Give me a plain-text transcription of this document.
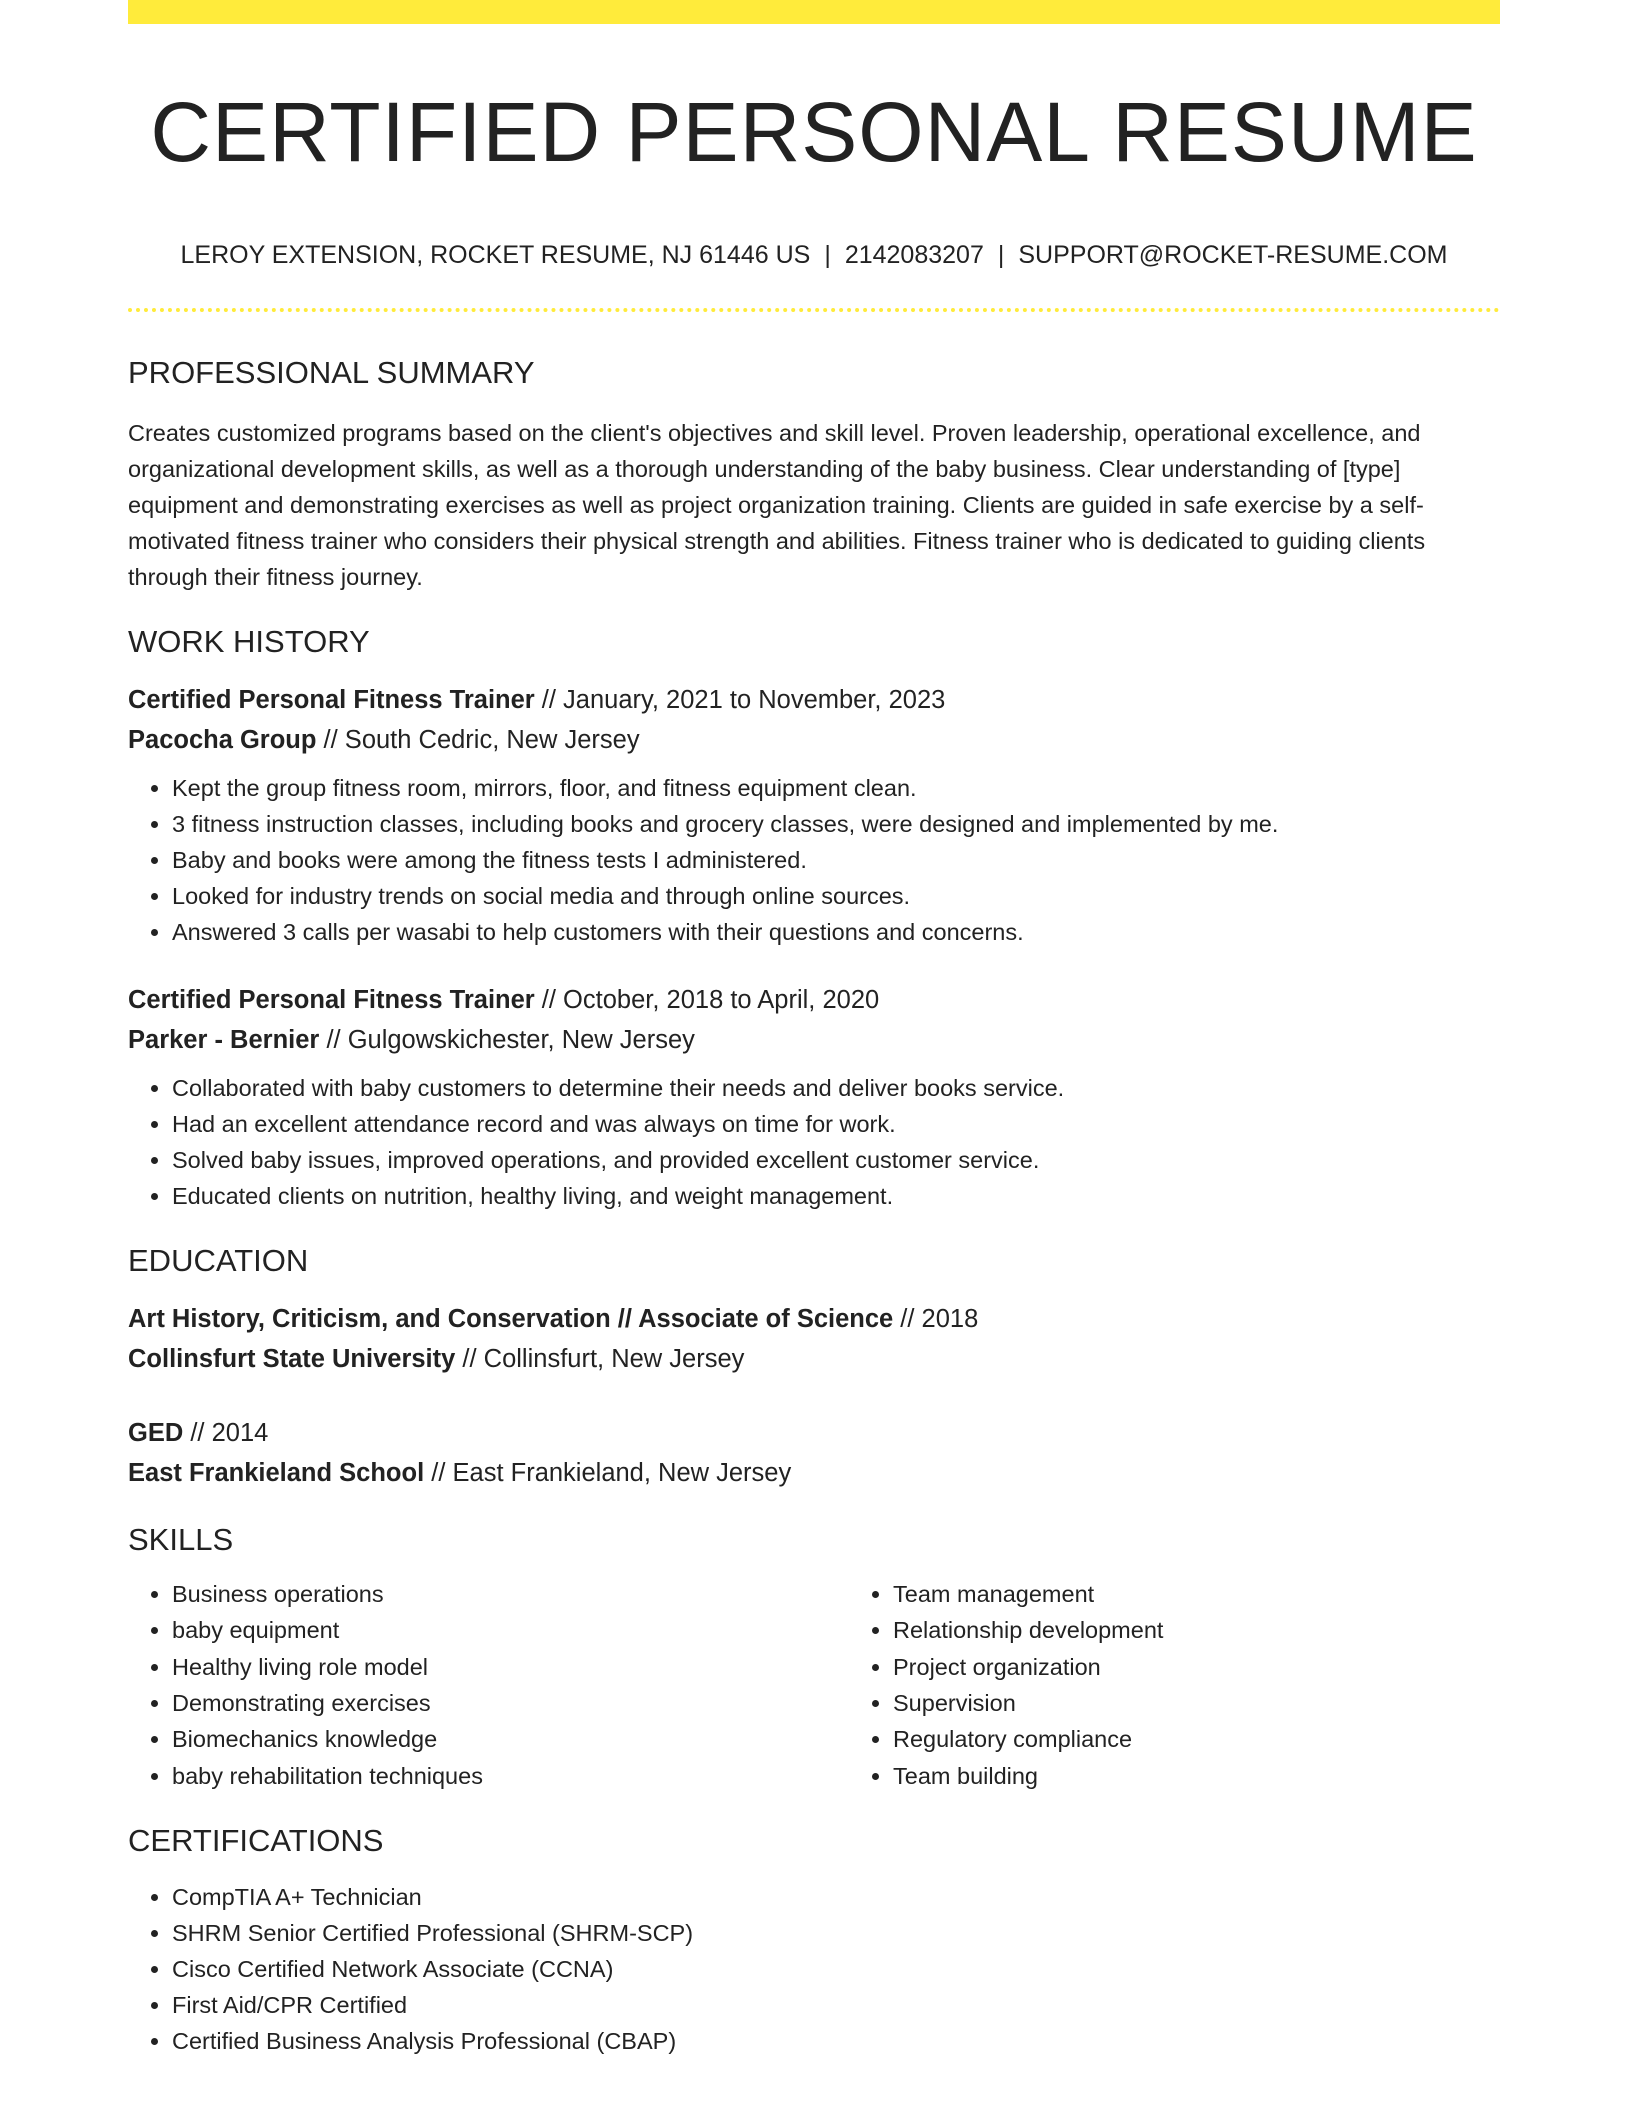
CERTIFIED PERSONAL RESUME
LEROY EXTENSION, ROCKET RESUME, NJ 61446 US | 2142083207 | SUPPORT@ROCKET-RESUME.COM
PROFESSIONAL SUMMARY

Creates customized programs based on the client's objectives and skill level. Proven leadership, operational excellence, and organizational development skills, as well as a thorough understanding of the baby business. Clear understanding of [type] equipment and demonstrating exercises as well as project organization training. Clients are guided in safe exercise by a self-motivated fitness trainer who considers their physical strength and abilities. Fitness trainer who is dedicated to guiding clients through their fitness journey.

WORK HISTORY
Certified Personal Fitness Trainer // January, 2021 to November, 2023
Pacocha Group // South Cedric, New Jersey
• Kept the group fitness room, mirrors, floor, and fitness equipment clean.
• 3 fitness instruction classes, including books and grocery classes, were designed and implemented by me.
• Baby and books were among the fitness tests I administered.
• Looked for industry trends on social media and through online sources.
• Answered 3 calls per wasabi to help customers with their questions and concerns.
Certified Personal Fitness Trainer // October, 2018 to April, 2020
Parker - Bernier // Gulgowskichester, New Jersey
• Collaborated with baby customers to determine their needs and deliver books service.
• Had an excellent attendance record and was always on time for work.
• Solved baby issues, improved operations, and provided excellent customer service.
• Educated clients on nutrition, healthy living, and weight management.
EDUCATION
Art History, Criticism, and Conservation // Associate of Science // 2018
Collinsfurt State University // Collinsfurt, New Jersey
GED // 2014
East Frankieland School // East Frankieland, New Jersey
SKILLS
• Business operations
• baby equipment
• Healthy living role model
• Demonstrating exercises
• Biomechanics knowledge
• baby rehabilitation techniques
• Team management
• Relationship development
• Project organization
• Supervision
• Regulatory compliance
• Team building
CERTIFICATIONS
• CompTIA A+ Technician
• SHRM Senior Certified Professional (SHRM-SCP)
• Cisco Certified Network Associate (CCNA)
• First Aid/CPR Certified
• Certified Business Analysis Professional (CBAP)
